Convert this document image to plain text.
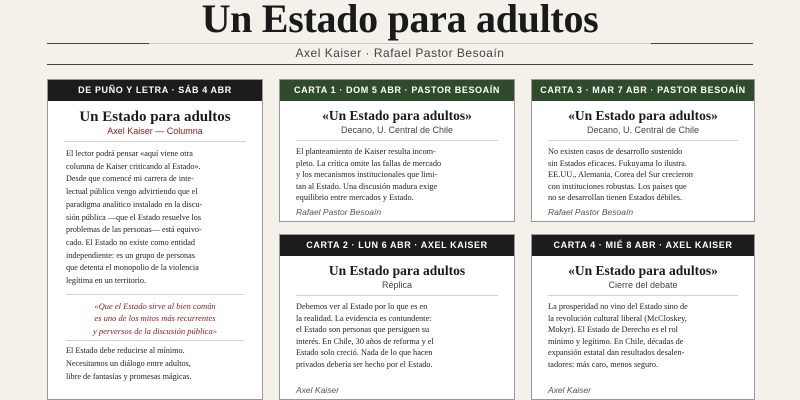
Un Estado para adultos
Axel Kaiser · Rafael Pastor Besoaín
DE PUÑO Y LETRA · SÁB 4 ABR
Un Estado para adultos
Axel Kaiser — Columna
El lector podrá pensar «aquí viene otra
columna de Kaiser criticando al Estado».
Desde que comencé mi carrera de inte-
lectual público vengo advirtiendo que el
paradigma analítico instalado en la discu-
sión pública —que el Estado resuelve los
problemas de las personas— está equivo-
cado. El Estado no existe como entidad
independiente: es un grupo de personas
que detenta el monopolio de la violencia
legítima en un territorio.
«Que el Estado sirve al bien común
es uno de los mitos más recurrentes
y perversos de la discusión pública»
El Estado debe reducirse al mínimo.
Necesitamos un diálogo entre adultos,
libre de fantasías y promesas mágicas.
CARTA 1 · DOM 5 ABR · PASTOR BESOAÍN
«Un Estado para adultos»
Decano, U. Central de Chile
El planteamiento de Kaiser resulta incom-
pleto. La crítica omite las fallas de mercado
y los mecanismos institucionales que limi-
tan al Estado. Una discusión madura exige
equilibrio entre mercados y Estado.
Rafael Pastor Besoaín
CARTA 3 · MAR 7 ABR · PASTOR BESOAÍN
«Un Estado para adultos»
Decano, U. Central de Chile
No existen casos de desarrollo sostenido
sin Estados eficaces. Fukuyama lo ilustra.
EE.UU., Alemania, Corea del Sur crecieron
con instituciones robustas. Los países que
no se desarrollan tienen Estados débiles.
Rafael Pastor Besoaín
CARTA 2 · LUN 6 ABR · AXEL KAISER
Un Estado para adultos
Réplica
Debemos ver al Estado por lo que es en
la realidad. La evidencia es contundente:
el Estado son personas que persiguen su
interés. En Chile, 30 años de reforma y el
Estado solo creció. Nada de lo que hacen
privados debería ser hecho por el Estado.
Axel Kaiser
CARTA 4 · MIÉ 8 ABR · AXEL KAISER
«Un Estado para adultos»
Cierre del debate
La prosperidad no vino del Estado sino de
la revolución cultural liberal (McCloskey,
Mokyr). El Estado de Derecho es el rol
mínimo y legítimo. En Chile, décadas de
expansión estatal dan resultados desalen-
tadores: más caro, menos seguro.
Axel Kaiser
